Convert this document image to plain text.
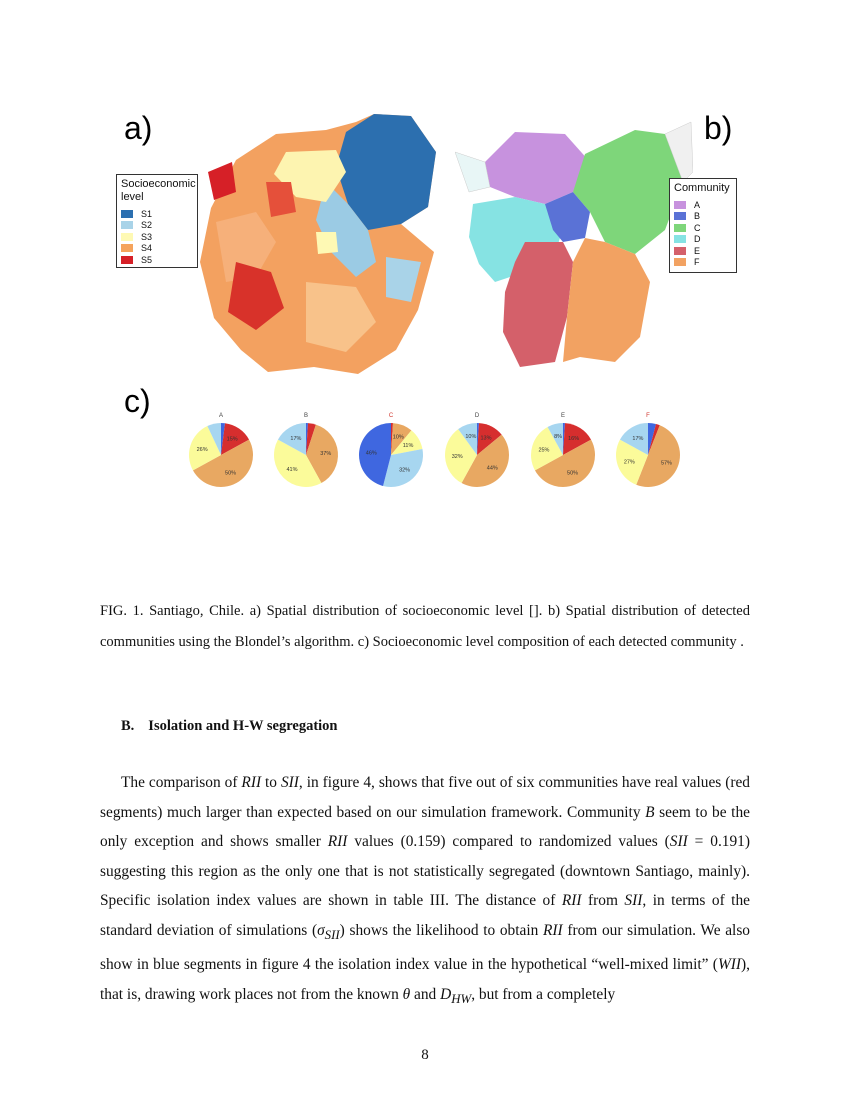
a)	b)
c)
Socioeconomic
level
S1
S2
S3
S4
S5
Community
A
B
C
D
E
F
A
15%
50%
26%
B
37%
41%
17%
C
10%
11%
32%
46%
D
13%
44%
32%
10%
E
16%
50%
25%
8%
F
57%
27%
17%
FIG. 1. Santiago, Chile. a) Spatial distribution of socioeconomic level []. b) Spatial distribution of detected communities using the Blondel’s algorithm. c) Socioeconomic level composition of each detected community .
B. Isolation and H-W segregation
The comparison of RII to SII, in figure 4, shows that five out of six communities have real values (red segments) much larger than expected based on our simulation framework. Community B seem to be the only exception and shows smaller RII values (0.159) compared to randomized values (SII = 0.191) suggesting this region as the only one that is not statistically segregated (downtown Santiago, mainly). Specific isolation index values are shown in table III. The distance of RII from SII, in terms of the standard deviation of simulations $(\sigma_{SII})$ shows the likelihood to obtain RII from our simulation. We also show in blue segments in figure 4 the isolation index value in the hypothetical “well-mixed limit” (WII), that is, drawing work places not from the known θ and $D_{HW}$, but from a completely
8
